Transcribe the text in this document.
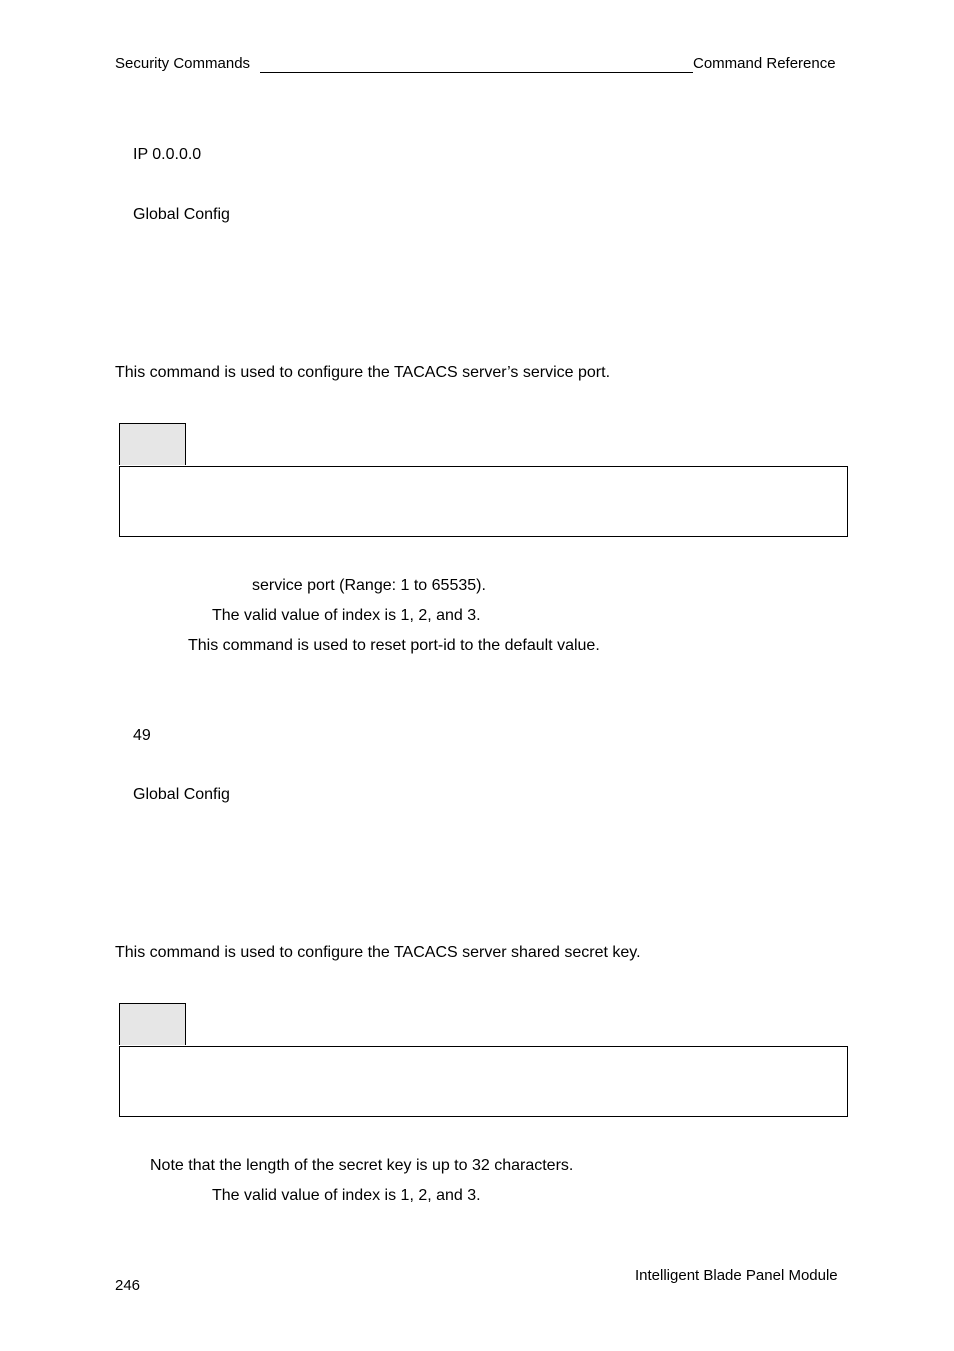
Security Commands	Command Reference
IP 0.0.0.0
Global Config
This command is used to configure the TACACS server’s service port.
service port (Range: 1 to 65535).
The valid value of index is 1, 2, and 3.
This command is used to reset port-id to the default value.
49
Global Config
This command is used to configure the TACACS server shared secret key.
Note that the length of the secret key is up to 32 characters.
The valid value of index is 1, 2, and 3.
246
Intelligent Blade Panel Module
